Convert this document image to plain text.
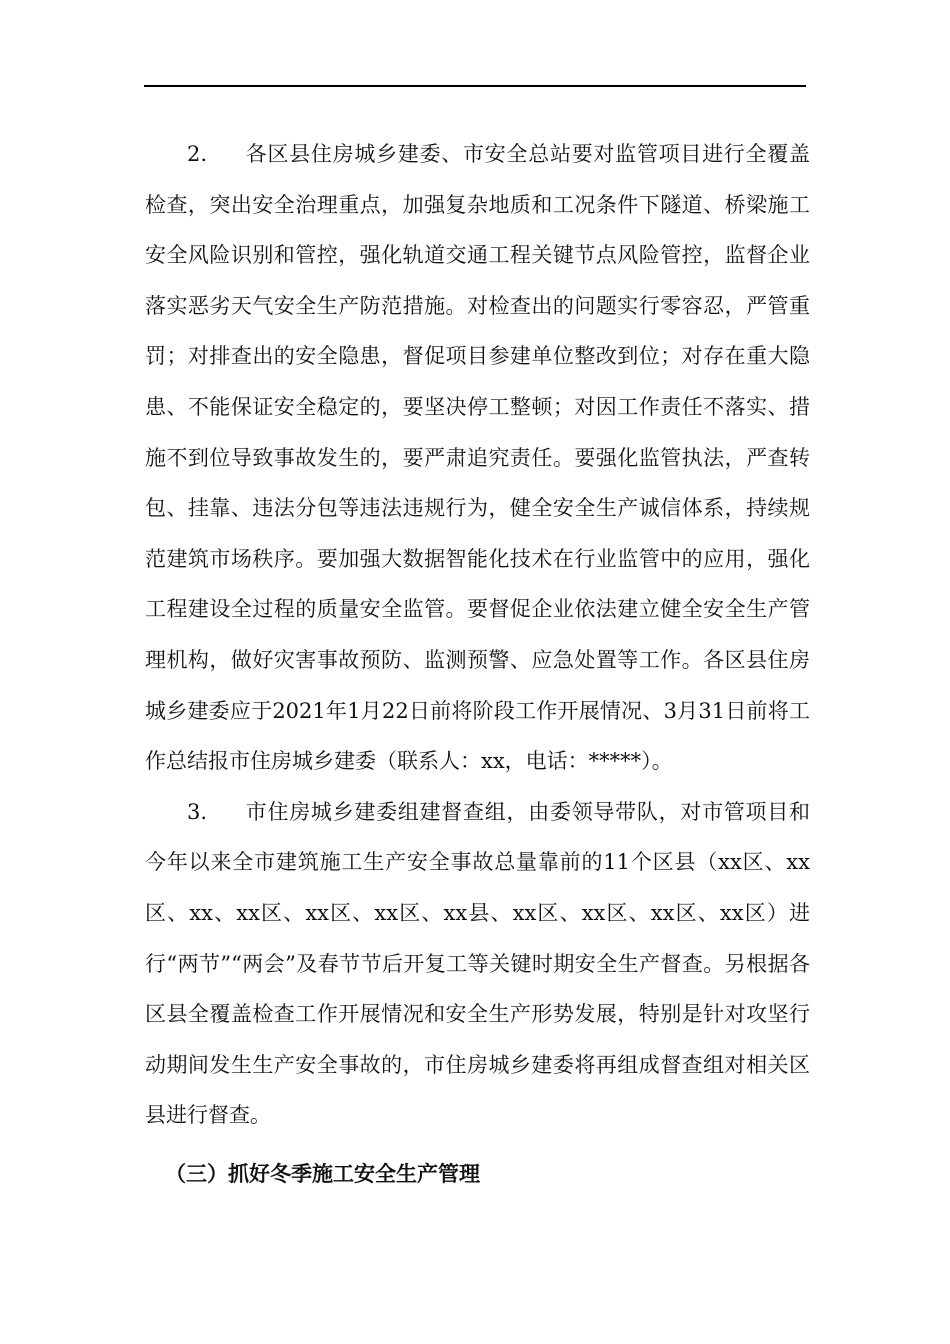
2. 各区县住房城乡建委、市安全总站要对监管项目进行全覆盖检查，突出安全治理重点，加强复杂地质和工况条件下隧道、桥梁施工安全风险识别和管控，强化轨道交通工程关键节点风险管控，监督企业落实恶劣天气安全生产防范措施。对检查出的问题实行零容忍，严管重罚；对排查出的安全隐患，督促项目参建单位整改到位；对存在重大隐患、不能保证安全稳定的，要坚决停工整顿；对因工作责任不落实、措施不到位导致事故发生的，要严肃追究责任。要强化监管执法，严查转包、挂靠、违法分包等违法违规行为，健全安全生产诚信体系，持续规范建筑市场秩序。要加强大数据智能化技术在行业监管中的应用，强化工程建设全过程的质量安全监管。要督促企业依法建立健全安全生产管理机构，做好灾害事故预防、监测预警、应急处置等工作。各区县住房城乡建委应于2021年1月22日前将阶段工作开展情况、3月31日前将工作总结报市住房城乡建委（联系人：xx，电话：*****）。

3. 市住房城乡建委组建督查组，由委领导带队，对市管项目和今年以来全市建筑施工生产安全事故总量靠前的11个区县（xx区、xx区、xx、xx区、xx区、xx区、xx县、xx区、xx区、xx区、xx区）进行“两节”“两会”及春节节后开复工等关键时期安全生产督查。另根据各区县全覆盖检查工作开展情况和安全生产形势发展，特别是针对攻坚行动期间发生生产安全事故的，市住房城乡建委将再组成督查组对相关区县进行督查。

（三）抓好冬季施工安全生产管理
